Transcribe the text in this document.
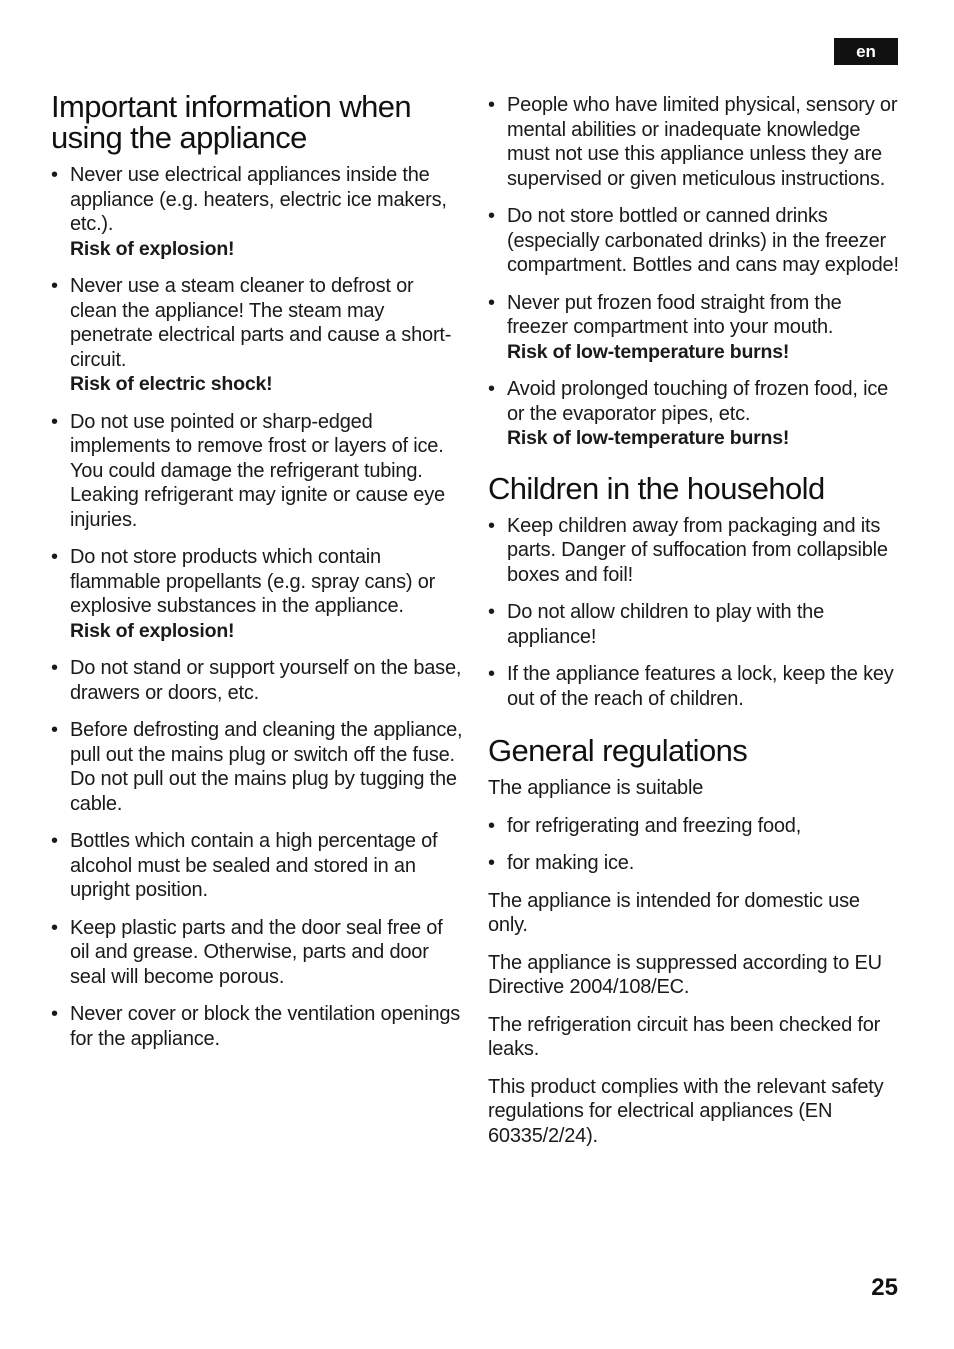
en
Important information when using the appliance
• Never use electrical appliances inside the appliance (e.g. heaters, electric ice makers, etc.).
Risk of explosion!
• Never use a steam cleaner to defrost or clean the appliance! The steam may penetrate electrical parts and cause a short-circuit.
Risk of electric shock!
• Do not use pointed or sharp-edged implements to remove frost or layers of ice.
You could damage the refrigerant tubing. Leaking refrigerant may ignite or cause eye injuries.
• Do not store products which contain flammable propellants (e.g. spray cans) or explosive substances in the appliance.
Risk of explosion!
• Do not stand or support yourself on the base, drawers or doors, etc.
• Before defrosting and cleaning the appliance, pull out the mains plug or switch off the fuse.
Do not pull out the mains plug by tugging the cable.
• Bottles which contain a high percentage of alcohol must be sealed and stored in an upright position.
• Keep plastic parts and the door seal free of oil and grease. Otherwise, parts and door seal will become porous.
• Never cover or block the ventilation openings for the appliance.
• People who have limited physical, sensory or mental abilities or inadequate knowledge must not use this appliance unless they are supervised or given meticulous instructions.
• Do not store bottled or canned drinks (especially carbonated drinks) in the freezer compartment. Bottles and cans may explode!
• Never put frozen food straight from the freezer compartment into your mouth.
Risk of low-temperature burns!
• Avoid prolonged touching of frozen food, ice or the evaporator pipes, etc.
Risk of low-temperature burns!
Children in the household
• Keep children away from packaging and its parts. Danger of suffocation from collapsible boxes and foil!
• Do not allow children to play with the appliance!
• If the appliance features a lock, keep the key out of the reach of children.
General regulations

The appliance is suitable

• for refrigerating and freezing food,
• for making ice.

The appliance is intended for domestic use only.

The appliance is suppressed according to EU Directive 2004/108/EC.

The refrigeration circuit has been checked for leaks.

This product complies with the relevant safety regulations for electrical appliances (EN 60335/2/24).

25
